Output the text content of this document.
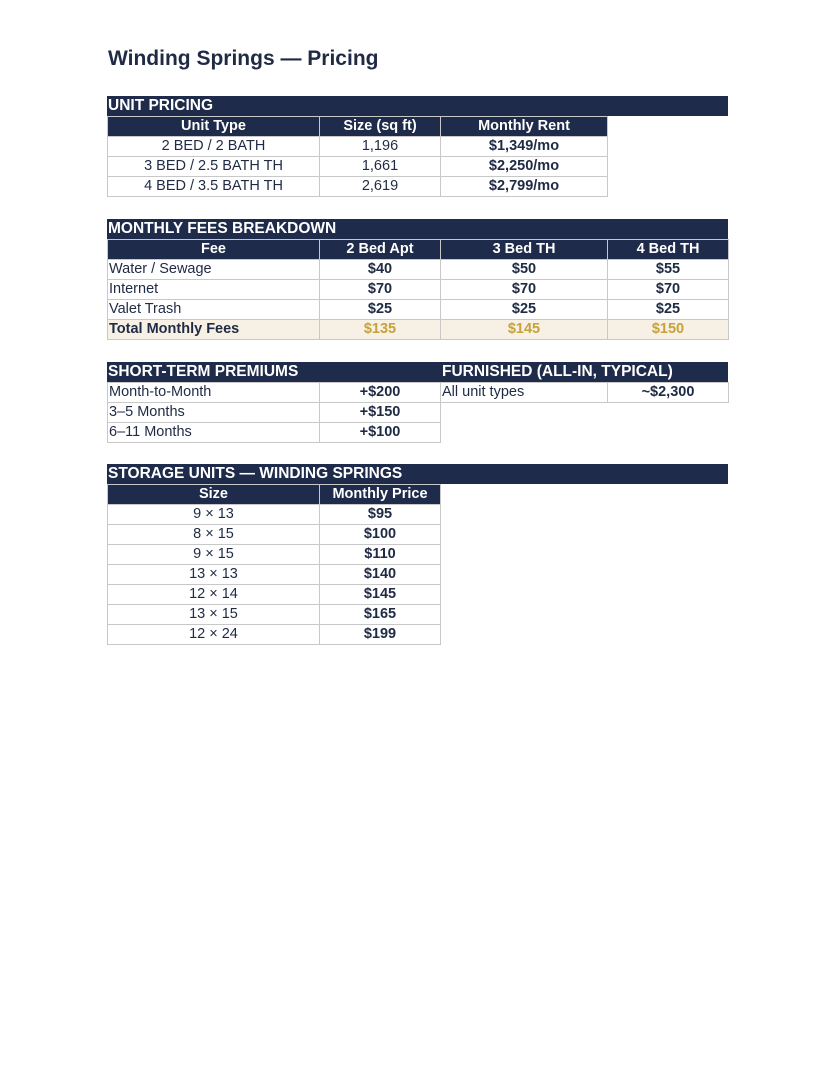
Winding Springs — Pricing
UNIT PRICING
Unit Type	Size (sq ft)	Monthly Rent
2 BED / 2 BATH	1,196	$1,349/mo
3 BED / 2.5 BATH TH	1,661	$2,250/mo
4 BED / 3.5 BATH TH	2,619	$2,799/mo
MONTHLY FEES BREAKDOWN
Fee	2 Bed Apt	3 Bed TH	4 Bed TH
Water / Sewage	$40	$50	$55
Internet	$70	$70	$70
Valet Trash	$25	$25	$25
Total Monthly Fees	$135	$145	$150
SHORT-TERM PREMIUMS
Month-to-Month	+$200
3–5 Months	+$150
6–11 Months	+$100
FURNISHED (ALL-IN, TYPICAL)
All unit types	~$2,300
STORAGE UNITS — WINDING SPRINGS
Size	Monthly Price
9 × 13	$95
8 × 15	$100
9 × 15	$110
13 × 13	$140
12 × 14	$145
13 × 15	$165
12 × 24	$199
